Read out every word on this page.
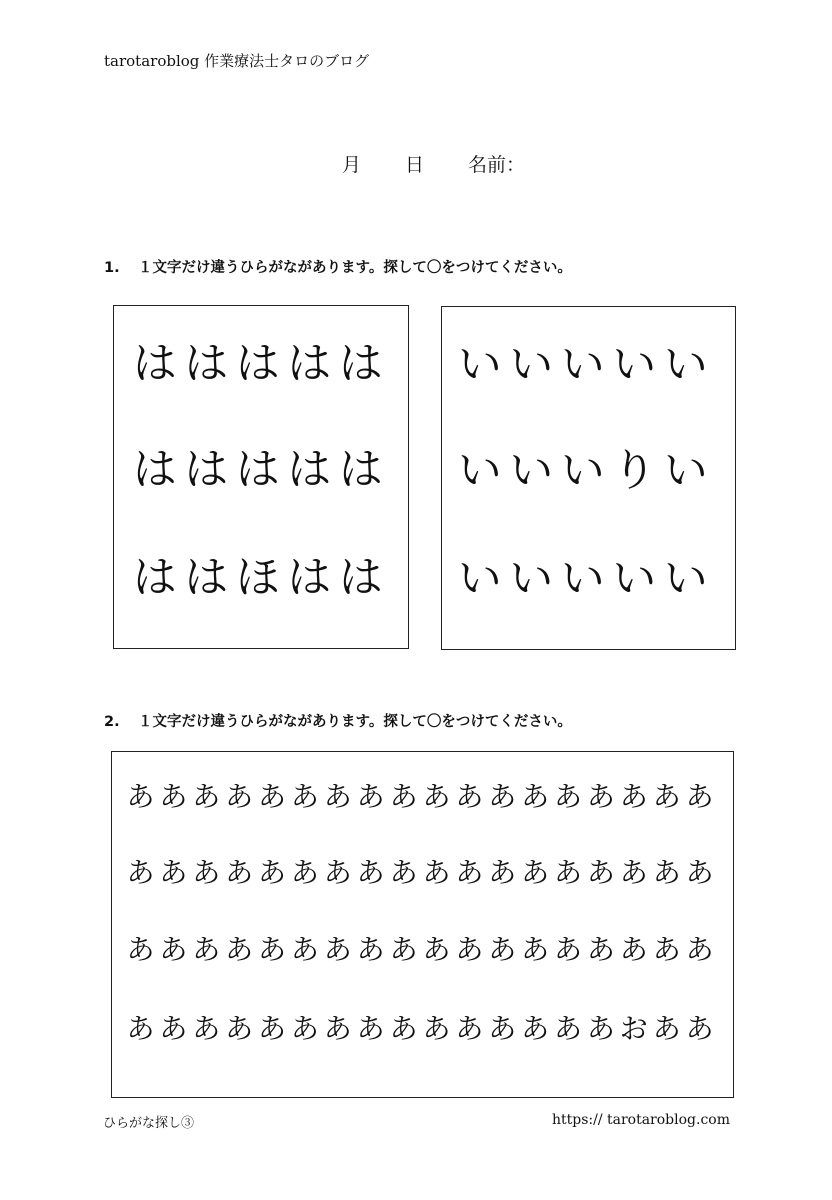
tarotaroblog 作業療法士タロのブログ
月 日 名前：
1. １文字だけ違うひらがながあります。探して〇をつけてください。
は は は は は
は は は は は
は は ほ は は
い い い い い
い い い り い
い い い い い
2. １文字だけ違うひらがながあります。探して〇をつけてください。
あ あ あ あ あ あ あ あ あ あ あ あ あ あ あ あ あ あ
あ あ あ あ あ あ あ あ あ あ あ あ あ あ あ あ あ あ
あ あ あ あ あ あ あ あ あ あ あ あ あ あ あ あ あ あ
あ あ あ あ あ あ あ あ あ あ あ あ あ あ あ お あ あ
ひらがな探し③	https:// tarotaroblog.com
